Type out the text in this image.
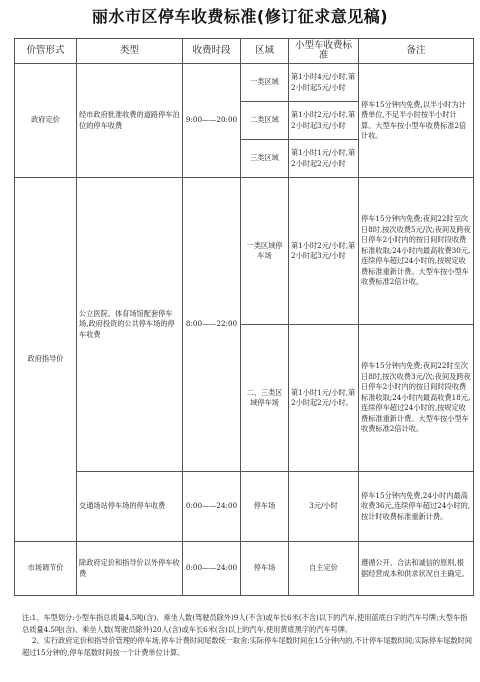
丽水市区停车收费标准(修订征求意见稿)
价管形式	类型	收费时段	区域	小型车收费标准	备注
政府定价	经市政府批准收费的道路停车泊位的停车收费	9:00——20:00	一类区域	第1小时4元/小时,第2小时起5元/小时	停车15分钟内免费,以半小时为计费单位,不足半小时按半小时计算。大型车按小型车收费标准2倍计收。
			二类区域	第1小时2元/小时,第2小时起3元/小时	
			三类区域	第1小时1元/小时,第2小时起2元/小时	
政府指导价	公立医院、体育场馆配套停车场,政府投资的公共停车场的停车收费	8:00——22:00	一类区域停车场	第1小时2元/小时,第2小时起3元/小时	停车15分钟内免费;夜间22时至次日8时,按次收费5元/次;夜间及跨夜日停车2小时内的按日间时段收费标准收取;24小时内最高收费30元,连续停车超过24小时的,按规定收费标准重新计费。大型车按小型车收费标准2倍计收。
			二、三类区域停车场	第1小时1元/小时,第2小时起2元/小时。	停车15分钟内免费;夜间22时至次日8时,按次收费3元/次;夜间及跨夜日停车2小时内的按日间时段收费标准收取;24小时内最高收费18元,连续停车超过24小时的,按规定收费标准重新计费。大型车按小型车收费标准2倍计收。
	交通场站停车场的停车收费	0:00——24:00	停车场	3元/小时	停车15分钟内免费,24小时内最高收费36元,连续停车超过24小时的,按计时收费标准重新计费。
市场调节价	除政府定价和指导价以外停车收费	0:00——24:00	停车场	自主定价	遵循公开、合法和诚信的原则,根据经营成本和供求状况自主确定。

注:1、车型划分:小型车指总质量4.5吨(含)、乘坐人数(驾驶员除外)9人(不含)或车长6米(不含)以下的汽车,使用蓝底白字的汽车号牌;大型车指总质量4.5吨(含)、乘坐人数(驾驶员除外)20人(含)或车长6米(含)以上的汽车,使用黄底黑字的汽车号牌。

2、实行政府定价和指导价管理的停车场,停车计费时间尾数统一取舍:实际停车尾数时间在15分钟内的,不计停车尾数时间;实际停车尾数时间超过15分钟的,停车尾数时间按一个计费单位计算。
